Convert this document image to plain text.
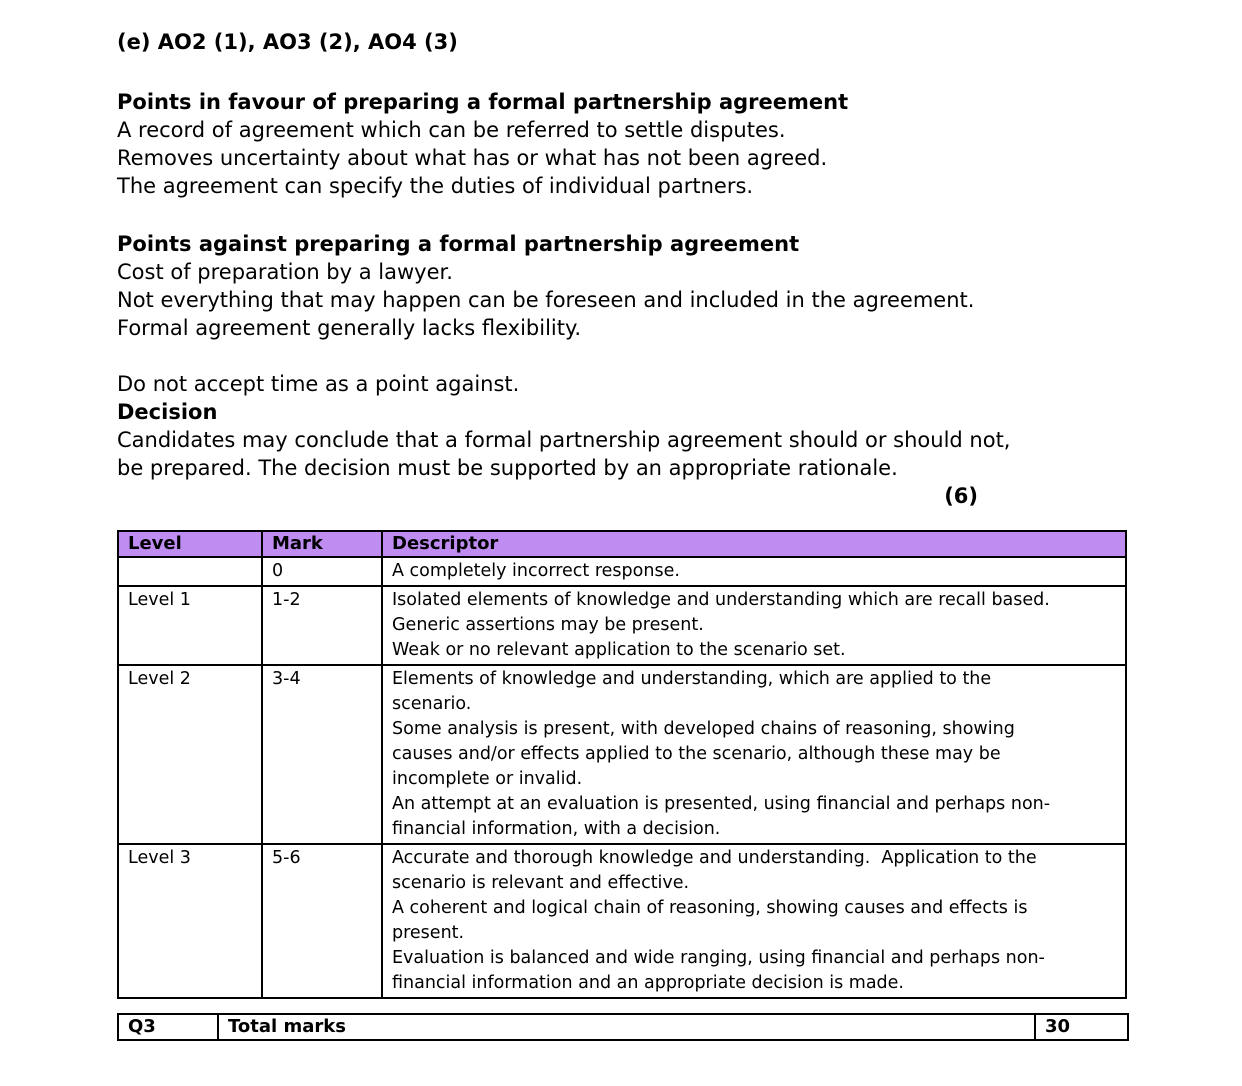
(e) AO2 (1), AO3 (2), AO4 (3)
Points in favour of preparing a formal partnership agreement
A record of agreement which can be referred to settle disputes.
Removes uncertainty about what has or what has not been agreed.
The agreement can specify the duties of individual partners.
Points against preparing a formal partnership agreement
Cost of preparation by a lawyer.
Not everything that may happen can be foreseen and included in the agreement.
Formal agreement generally lacks flexibility.
Do not accept time as a point against.
Decision
Candidates may conclude that a formal partnership agreement should or should not,
be prepared. The decision must be supported by an appropriate rationale.
(6)
Level	Mark	Descriptor
	0	A completely incorrect response.

Level 1	1-2	Isolated elements of knowledge and understanding which are recall based.
Generic assertions may be present.
Weak or no relevant application to the scenario set.

Level 2	3-4	Elements of knowledge and understanding, which are applied to the
scenario.
Some analysis is present, with developed chains of reasoning, showing
causes and/or effects applied to the scenario, although these may be
incomplete or invalid.
An attempt at an evaluation is presented, using financial and perhaps non-
financial information, with a decision.

Level 3	5-6	Accurate and thorough knowledge and understanding.  Application to the
scenario is relevant and effective.
A coherent and logical chain of reasoning, showing causes and effects is
present.
Evaluation is balanced and wide ranging, using financial and perhaps non-
financial information and an appropriate decision is made.
Q3	Total marks	30
